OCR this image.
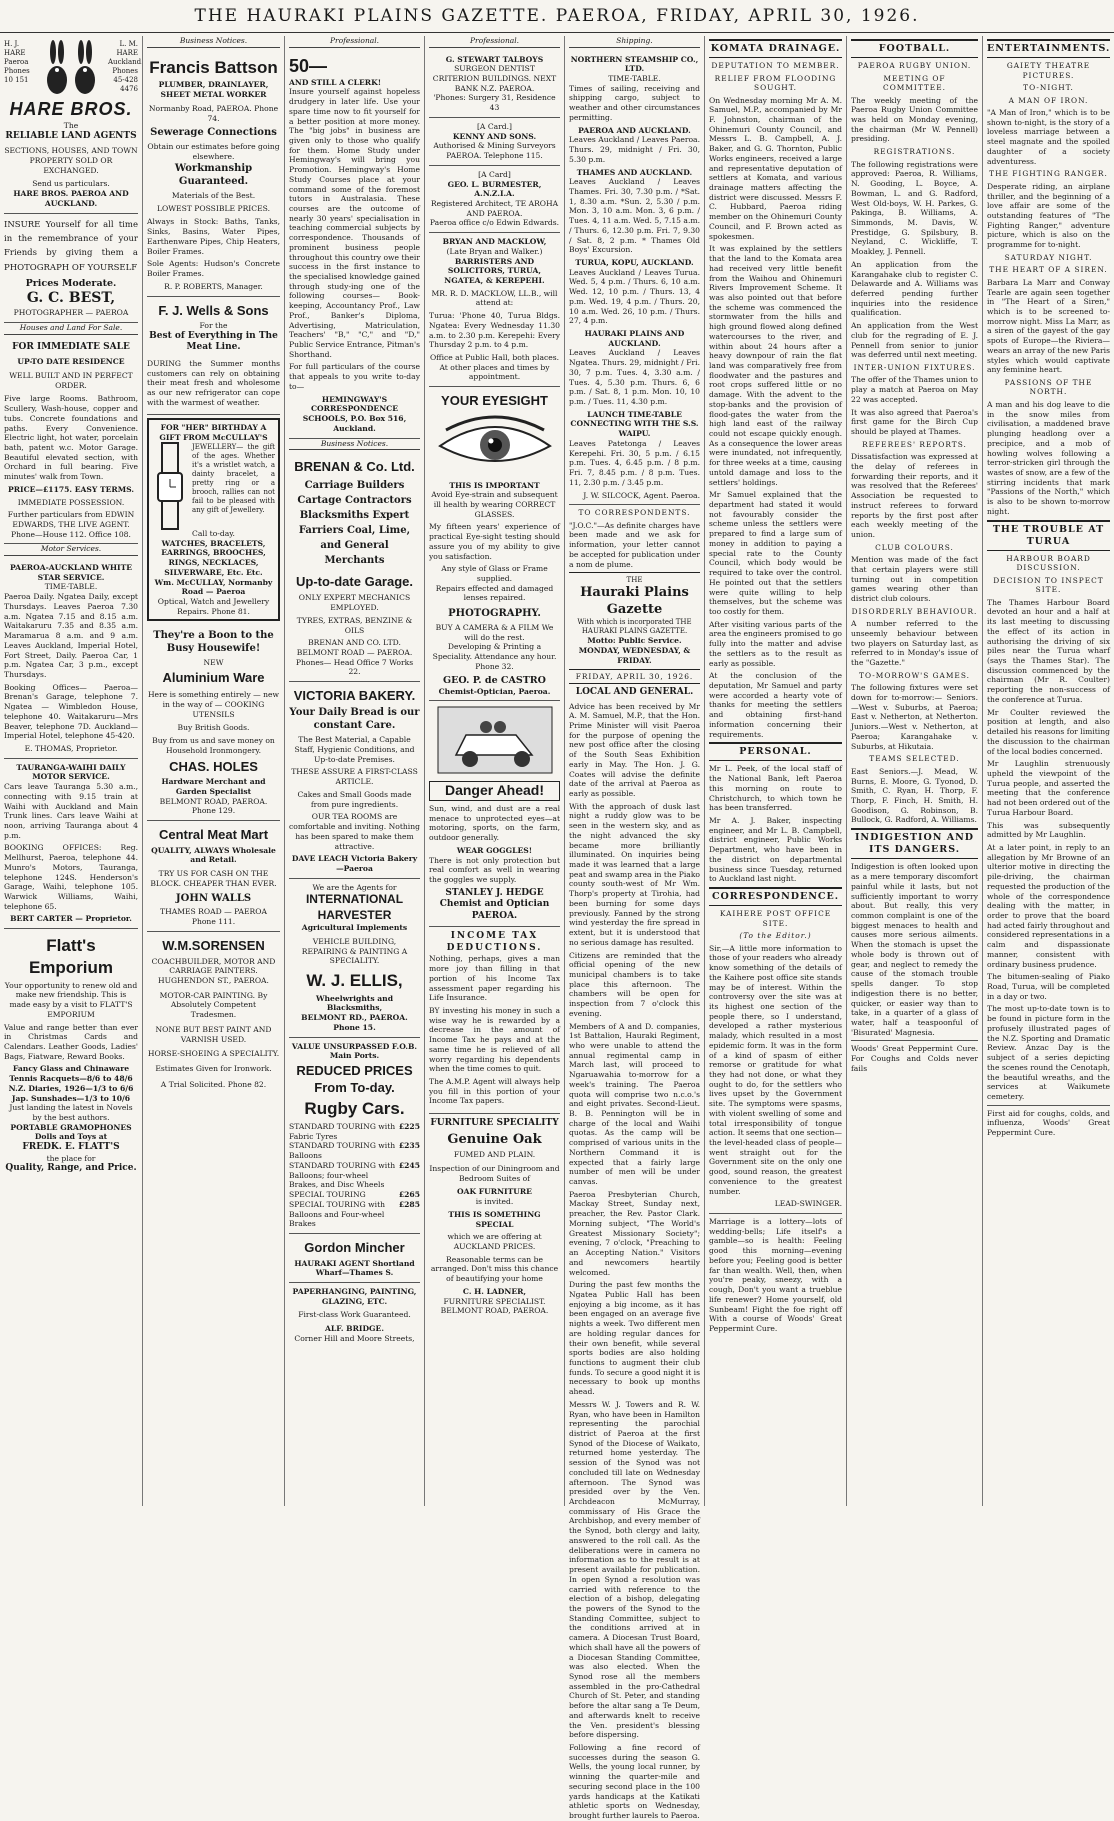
THE HAURAKI PLAINS GAZETTE. PAEROA, FRIDAY, APRIL 30, 1926.
H. J. HARE Paeroa Phones 10 151
L. M. HARE Auckland. Phones 45-428 4476
HARE BROS.
The
RELIABLE LAND AGENTS
SECTIONS, HOUSES, AND TOWN PROPERTY SOLD OR EXCHANGED.
Send us particulars.
HARE BROS. PAEROA AND AUCKLAND.

INSURE Yourself for all time in the remembrance of your Friends by giving them a PHOTOGRAPH OF YOURSELF

Prices Moderate.
G. C. BEST,
PHOTOGRAPHER — PAEROA
Houses and Land For Sale.
FOR IMMEDIATE SALE
UP-TO DATE RESIDENCE
WELL BUILT AND IN PERFECT ORDER.

Five large Rooms. Bathroom, Scullery, Wash-house, copper and tubs. Concrete foundations and paths. Every Convenience. Electric light, hot water, porcelain bath, patent w.c. Motor Garage. Beautiful elevated section, with Orchard in full bearing. Five minutes' walk from Town.

PRICE—£1175. EASY TERMS.
IMMEDIATE POSSESSION.
Further particulars from EDWIN EDWARDS, THE LIVE AGENT.
Phone—House 112. Office 108.
Motor Services.
PAEROA-AUCKLAND WHITE STAR SERVICE.
TIME-TABLE.

Paeroa Daily. Ngatea Daily, except Thursdays. Leaves Paeroa 7.30 a.m. Ngatea 7.15 and 8.15 a.m. Waitakaruru 7.35 and 8.35 a.m. Maramarua 8 a.m. and 9 a.m. Leaves Auckland, Imperial Hotel, Fort Street, Daily. Paeroa Car, 1 p.m. Ngatea Car, 3 p.m., except Thursdays.

Booking Offices— Paeroa—Brenan's Garage, telephone 7. Ngatea — Wimbledon House, telephone 40. Waitakaruru—Mrs Beaver, telephone 7D. Auckland—Imperial Hotel, telephone 45-420.

E. THOMAS, Proprietor.
TAURANGA-WAIHI DAILY MOTOR SERVICE.

Cars leave Tauranga 5.30 a.m., connecting with 9.15 train at Waihi with Auckland and Main Trunk lines. Cars leave Waihi at noon, arriving Tauranga about 4 p.m.

BOOKING OFFICES: Reg. Mellhurst, Paeroa, telephone 44. Munro's Motors, Tauranga, telephone 124S. Henderson's Garage, Waihi, telephone 105. Warwick Williams, Waihi, telephone 65.

BERT CARTER — Proprietor.
Flatt's Emporium

Your opportunity to renew old and make new friendship. This is made easy by a visit to FLATT'S EMPORIUM

Value and range better than ever in Christmas Cards and Calendars. Leather Goods, Ladies' Bags, Fiatware, Reward Books.

Fancy Glass and Chinaware
Tennis Racquets—8/6 to 48/6
N.Z. Diaries, 1926—1/3 to 6/6
Jap. Sunshades—1/3 to 10/6
Just landing the latest in Novels by the best authors.
PORTABLE GRAMOPHONES
Dolls and Toys at
FREDK. E. FLATT'S
the place for
Quality, Range, and Price.
Business Notices.
Francis Battson
PLUMBER, DRAINLAYER, SHEET METAL WORKER
Normanby Road, PAEROA. Phone 74.
Sewerage Connections
Obtain our estimates before going elsewhere.
Workmanship Guaranteed.
Materials of the Best.
LOWEST POSSIBLE PRICES.

Always in Stock: Baths, Tanks, Sinks, Basins, Water Pipes, Earthenware Pipes, Chip Heaters, Boiler Frames.

Sole Agents: Hudson's Concrete Boiler Frames.

R. P. ROBERTS, Manager.
F. J. Wells & Sons
For the
Best of Everything in The Meat Line.

DURING the Summer months customers can rely on obtaining their meat fresh and wholesome as our new refrigerator can cope with the warmest of weather.

FOR "HER" BIRTHDAY A GIFT FROM McCULLAY'S

JEWELLERY— the gift of the ages. Whether it's a wristlet watch, a dainty bracelet, a pretty ring or a brooch, rallies can not fail to be pleased with any gift of Jewellery.

Call to-day.
WATCHES, BRACELETS, EARRINGS, BROOCHES, RINGS, NECKLACES, SILVERWARE, Etc. Etc.
Wm. McCULLAY, Normanby Road — Paeroa
Optical, Watch and Jewellery Repairs. Phone 81.
They're a Boon to the Busy Housewife!
NEW
Aluminium Ware
Here is something entirely — new in the way of — COOKING UTENSILS
Buy British Goods.
Buy from us and save money on Household Ironmongery.
CHAS. HOLES
Hardware Merchant and Garden Specialist
BELMONT ROAD, PAEROA. Phone 129.
Central Meat Mart
QUALITY, ALWAYS Wholesale and Retail.
TRY US FOR CASH ON THE BLOCK. CHEAPER THAN EVER.
JOHN WALLS
THAMES ROAD — PAEROA Phone 111.
W.M.SORENSEN
COACHBUILDER, MOTOR AND CARRIAGE PAINTERS.
HUGHENDON ST., PAEROA.
MOTOR-CAR PAINTING. By Absolutely Competent Tradesmen.
NONE BUT BEST PAINT AND VARNISH USED.
HORSE-SHOEING A SPECIALITY.
Estimates Given for Ironwork.
A Trial Solicited. Phone 82.
Professional.
50—
AND STILL A CLERK!

Insure yourself against hopeless drudgery in later life. Use your spare time now to fit yourself for a better position at more money. The "big jobs" in business are given only to those who qualify for them. Home Study under Hemingway's will bring you Promotion. Hemingway's Home Study Courses place at your command some of the foremost tutors in Australasia. These courses are the outcome of nearly 30 years' specialisation in teaching commercial subjects by correspondence. Thousands of prominent business people throughout this country owe their success in the first instance to the specialised knowledge gained through study-ing one of the following courses— Book-keeping, Accountancy Prof., Law Prof., Banker's Diploma, Advertising, Matriculation, Teachers' "B," "C," and "D," Public Service Entrance, Pitman's Shorthand.

For full particulars of the course that appeals to you write to-day to—

HEMINGWAY'S CORRESPONDENCE SCHOOLS, P.O. Box 516, Auckland.
Business Notices.
BRENAN & Co. Ltd.
Carriage Builders Cartage Contractors Blacksmiths Expert Farriers Coal, Lime, and General Merchants
Up-to-date Garage.
ONLY EXPERT MECHANICS EMPLOYED.
TYRES, EXTRAS, BENZINE & OILS
BRENAN AND CO. LTD. BELMONT ROAD — PAEROA.
Phones— Head Office 7 Works 22.
VICTORIA BAKERY.
Your Daily Bread is our constant Care.
The Best Material, a Capable Staff, Hygienic Conditions, and Up-to-date Premises.
THESE ASSURE A FIRST-CLASS ARTICLE.
Cakes and Small Goods made from pure ingredients.
OUR TEA ROOMS are comfortable and inviting. Nothing has been spared to make them attractive.
DAVE LEACH Victoria Bakery—Paeroa
We are the Agents for
INTERNATIONAL HARVESTER
Agricultural Implements
VEHICLE BUILDING, REPAIRING & PAINTING A SPECIALITY.
W. J. ELLIS,
Wheelwrights and Blacksmiths,
BELMONT RD., PAEROA. Phone 15.
VALUE UNSURPASSED F.O.B. Main Ports.
REDUCED PRICES From To-day.
Rugby Cars.
STANDARD TOURING with Fabric Tyres
£225
STANDARD TOURING with Balloons
£235
STANDARD TOURING with Balloons; four-wheel Brakes, and Disc Wheels
£245
SPECIAL TOURING	£265
SPECIAL TOURING with Balloons and Four-wheel Brakes
£285
Gordon Mincher
HAURAKI AGENT Shortland Wharf—Thames S.
PAPERHANGING, PAINTING, GLAZING, ETC.
First-class Work Guaranteed.
ALF. BRIDGE.
Corner Hill and Moore Streets,
Professional.
G. STEWART TALBOYS
SURGEON DENTIST
CRITERION BUILDINGS. NEXT BANK N.Z. PAEROA.
'Phones: Surgery 31, Residence 43
[A Card.]
KENNY AND SONS.
Authorised & Mining Surveyors PAEROA. Telephone 115.
[A Card]
GEO. L. BURMESTER, A.N.Z.I.A.
Registered Architect, TE AROHA AND PAEROA.
Paeroa office c/o Edwin Edwards.
BRYAN AND MACKLOW,
(Late Bryan and Walker.)
BARRISTERS AND SOLICITORS, TURUA, NGATEA, & KEREPEHI.
MR. R. D. MACKLOW, LL.B., will attend at:

Turua: 'Phone 40, Turua Bldgs. Ngatea: Every Wednesday 11.30 a.m. to 2.30 p.m. Kerepehi: Every Thursday 2 p.m. to 4 p.m.

Office at Public Hall, both places. At other places and times by appointment.
YOUR EYESIGHT
THIS IS IMPORTANT
Avoid Eye-strain and subsequent ill health by wearing CORRECT GLASSES.

My fifteen years' experience of practical Eye-sight testing should assure you of my ability to give you satisfaction.

Any style of Glass or Frame supplied.
Repairs effected and damaged lenses repaired.
PHOTOGRAPHY.
BUY A CAMERA & A FILM We will do the rest.
Developing & Printing a Speciality. Attendance any hour. Phone 32.
GEO. P. de CASTRO
Chemist-Optician, Paeroa.
Danger Ahead!

Sun, wind, and dust are a real menace to unprotected eyes—at motoring, sports, on the farm, outdoor generally.

WEAR GOGGLES!

There is not only protection but real comfort as well in wearing the goggles we supply.

STANLEY J. HEDGE Chemist and Optician PAEROA.
INCOME TAX DEDUCTIONS.

Nothing, perhaps, gives a man more joy than filling in that portion of his Income Tax assessment paper regarding his Life Insurance.

BY investing his money in such a wise way he is rewarded by a decrease in the amount of Income Tax he pays and at the same time he is relieved of all worry regarding his dependents when the time comes to quit.

The A.M.P. Agent will always help you fill in this portion of your Income Tax papers.

FURNITURE SPECIALITY
Genuine Oak
FUMED AND PLAIN.
Inspection of our Diningroom and Bedroom Suites of
OAK FURNITURE
is invited.
THIS IS SOMETHING SPECIAL
which we are offering at AUCKLAND PRICES.
Reasonable terms can be arranged. Don't miss this chance of beautifying your home
C. H. LADNER,
FURNITURE SPECIALIST. BELMONT ROAD, PAEROA.
Shipping.
NORTHERN STEAMSHIP CO., LTD.
TIME-TABLE.

Times of sailing, receiving and shipping cargo, subject to weather and other circumstances permitting.

PAEROA AND AUCKLAND.

Leaves Auckland / Leaves Paeroa. Thurs. 29, midnight / Fri. 30, 5.30 p.m.

THAMES AND AUCKLAND.

Leaves Auckland / Leaves Thames. Fri. 30, 7.30 p.m. / *Sat. 1, 8.30 a.m. *Sun. 2, 5.30 / p.m. Mon. 3, 10 a.m. Mon. 3, 6 p.m. / Tues. 4, 11 a.m. Wed. 5, 7.15 a.m. / Thurs. 6, 12.30 p.m. Fri. 7, 9.30 / Sat. 8, 2 p.m. * Thames Old Boys' Excursion.

TURUA, KOPU, AUCKLAND.

Leaves Auckland / Leaves Turua. Wed. 5, 4 p.m. / Thurs. 6, 10 a.m. Wed. 12, 10 p.m. / Thurs. 13, 4 p.m. Wed. 19, 4 p.m. / Thurs. 20, 10 a.m. Wed. 26, 10 p.m. / Thurs. 27, 4 p.m.

HAURAKI PLAINS AND AUCKLAND.

Leaves Auckland / Leaves Ngatea. Thurs. 29, midnight / Fri. 30, 7 p.m. Tues. 4, 3.30 a.m. / Tues. 4, 5.30 p.m. Thurs. 6, 6 p.m. / Sat. 8, 1 p.m. Mon. 10, 10 p.m. / Tues. 11, 4.30 p.m.

LAUNCH TIME-TABLE CONNECTING WITH THE S.S. WAIPU.

Leaves Patetonga / Leaves Kerepehi. Fri. 30, 5 p.m. / 6.15 p.m. Tues. 4, 6.45 p.m. / 8 p.m. Fri. 7, 8.45 p.m. / 8 p.m. Tues. 11, 2.30 p.m. / 3.45 p.m.

J. W. SILCOCK, Agent. Paeroa.
TO CORRESPONDENTS.

"J.O.C."—As definite charges have been made and we ask for information, your letter cannot be accepted for publication under a nom de plume.

THE
Hauraki Plains Gazette
With which is incorporated THE HAURAKI PLAINS GAZETTE.
Motto: Public Service.
MONDAY, WEDNESDAY, & FRIDAY.
FRIDAY, APRIL 30, 1926.
LOCAL AND GENERAL.

Advice has been received by Mr A. M. Samuel, M.P., that the Hon. Prime Minister will visit Paeroa for the purpose of opening the new post office after the closing of the South Seas Exhibition early in May. The Hon. J. G. Coates will advise the definite date of the arrival at Paeroa as early as possible.

With the approach of dusk last night a ruddy glow was to be seen in the western sky, and as the night advanced the sky became more brilliantly illuminated. On inquiries being made it was learned that a large peat and swamp area in the Piako county south-west of Mr Wm. Thorp's property at Tirohia, had been burning for some days previously. Fanned by the strong wind yesterday the fire spread in extent, but it is understood that no serious damage has resulted.

Citizens are reminded that the official opening of the new municipal chambers is to take place this afternoon. The chambers will be open for inspection from 7 o'clock this evening.

Members of A and D. companies, 1st Battalion, Hauraki Regiment, who were unable to attend the annual regimental camp in March last, will proceed to Ngaruawahia to-morrow for a week's training. The Paeroa quota will comprise two n.c.o.'s and eight privates. Second-Lieut. B. B. Pennington will be in charge of the local and Waihi quotas. As the camp will be comprised of various units in the Northern Command it is expected that a fairly large number of men will be under canvas.

Paeroa Presbyterian Church, Mackay Street, Sunday next, preacher, the Rev. Pastor Clark. Morning subject, "The World's Greatest Missionary Society"; evening, 7 o'clock, "Preaching to an Accepting Nation." Visitors and newcomers heartily welcomed.

During the past few months the Ngatea Public Hall has been enjoying a big income, as it has been engaged on an average five nights a week. Two different men are holding regular dances for their own benefit, while several sports bodies are also holding functions to augment their club funds. To secure a good night it is necessary to book up months ahead.

Messrs W. J. Towers and R. W. Ryan, who have been in Hamilton representing the parochial district of Paeroa at the first Synod of the Diocese of Waikato, returned home yesterday. The session of the Synod was not concluded till late on Wednesday afternoon. The Synod was presided over by the Ven. Archdeacon McMurray, commissary of His Grace the Archbishop, and every member of the Synod, both clergy and laity, answered to the roll call. As the deliberations were in camera no information as to the result is at present available for publication. In open Synod a resolution was carried with reference to the election of a bishop, delegating the powers of the Synod to the Standing Committee, subject to the conditions arrived at in camera. A Diocesan Trust Board, which shall have all the powers of a Diocesan Standing Committee, was also elected. When the Synod rose all the members assembled in the pro-Cathedral Church of St. Peter, and standing before the altar sang a Te Deum, and afterwards knelt to receive the Ven. president's blessing before dispersing.

Following a fine record of successes during the season G. Wells, the young local runner, by winning the quarter-mile and securing second place in the 100 yards handicaps at the Katikati athletic sports on Wednesday, brought further laurels to Paeroa.

KOMATA DRAINAGE.
DEPUTATION TO MEMBER.
RELIEF FROM FLOODING SOUGHT.

On Wednesday morning Mr A. M. Samuel, M.P., accompanied by Mr F. Johnston, chairman of the Ohinemuri County Council, and Messrs L. B. Campbell, A. J. Baker, and G. G. Thornton, Public Works engineers, received a large and representative deputation of settlers at Komata, and various drainage matters affecting the district were discussed. Messrs F. C. Hubbard, Paeroa riding member on the Ohinemuri County Council, and F. Brown acted as spokesmen.

It was explained by the settlers that the land to the Komata area had received very little benefit from the Waihou and Ohinemuri Rivers Improvement Scheme. It was also pointed out that before the scheme was commenced the stormwater from the hills and high ground flowed along defined watercourses to the river, and within about 24 hours after a heavy downpour of rain the flat land was comparatively free from floodwater and the pastures and root crops suffered little or no damage. With the advent to the stop-banks and the provision of flood-gates the water from the high land east of the railway could not escape quickly enough. As a consequence the lower areas were inundated, not infrequently, for three weeks at a time, causing untold damage and loss to the settlers' holdings.

Mr Samuel explained that the department had stated it would not favourably consider the scheme unless the settlers were prepared to find a large sum of money in addition to paying a special rate to the County Council, which body would be required to take over the control. He pointed out that the settlers were quite willing to help themselves, but the scheme was too costly for them.

After visiting various parts of the area the engineers promised to go fully into the matter and advise the settlers as to the result as early as possible.

At the conclusion of the deputation, Mr Samuel and party were accorded a hearty vote of thanks for meeting the settlers and obtaining first-hand information concerning their requirements.

PERSONAL.

Mr L. Peek, of the local staff of the National Bank, left Paeroa this morning on route to Christchurch, to which town he has been transferred.

Mr A. J. Baker, inspecting engineer, and Mr L. B. Campbell, district engineer, Public Works Department, who have been in the district on departmental business since Tuesday, returned to Auckland last night.

CORRESPONDENCE.
KAIHERE POST OFFICE SITE.
(To the Editor.)

Sir,—A little more information to those of your readers who already know something of the details of the Kaihere post office site stands may be of interest. Within the controversy over the site was at its highest one section of the people there, so I understand, developed a rather mysterious malady, which resulted in a most epidemic form. It was in the form of a kind of spasm of either remorse or gratitude for what they had not done, or what they ought to do, for the settlers who lives upset by the Government site. The symptoms were spasms, with violent swelling of some and total irresponsibility of tongue action. It seems that one section—the level-headed class of people—went straight out for the Government site on the only one good, sound reason, the greatest convenience to the greatest number.

LEAD-SWINGER.

Marriage is a lottery—lots of wedding-bells; Life itself's a gamble—so is health: Feeling good this morning—evening before you; Feeling good is better far than wealth. Well, then, when you're peaky, sneezy, with a cough, Don't you want a trueblue life renewer? Home yourself, old Sunbeam! Fight the foe right off With a course of Woods' Great Peppermint Cure.

FOOTBALL.
PAEROA RUGBY UNION.
MEETING OF COMMITTEE.

The weekly meeting of the Paeroa Rugby Union Committee was held on Monday evening, the chairman (Mr W. Pennell) presiding.

REGISTRATIONS.

The following registrations were approved: Paeroa, R. Williams, N. Gooding, L. Boyce, A. Bowman, L. and G. Radford, West Old-boys, W. H. Parkes, G. Pakinga, B. Williams, A. Simmonds, M. Davis, W. Prestidge, G. Spilsbury, B. Neyland, C. Wickliffe, T. Moakley, J. Pennell.

An application from the Karangahake club to register C. Delawarde and A. Williams was deferred pending further inquiries into the residence qualification.

An application from the West club for the regrading of E. J. Pennell from senior to junior was deferred until next meeting.

INTER-UNION FIXTURES.

The offer of the Thames union to play a match at Paeroa on May 22 was accepted.

It was also agreed that Paeroa's first game for the Birch Cup should be played at Thames.

REFEREES' REPORTS.

Dissatisfaction was expressed at the delay of referees in forwarding their reports, and it was resolved that the Referees' Association be requested to instruct referees to forward reports by the first post after each weekly meeting of the union.

CLUB COLOURS.

Mention was made of the fact that certain players were still turning out in competition games wearing other than district club colours.

DISORDERLY BEHAVIOUR.

A number referred to the unseemly behaviour between two players on Saturday last, as referred to in Monday's issue of the "Gazette."

TO-MORROW'S GAMES.

The following fixtures were set down for to-morrow:— Seniors.—West v. Suburbs, at Paeroa; East v. Netherton, at Netherton. Juniors.—West v. Netherton, at Paeroa; Karangahake v. Suburbs, at Hikutaia.

TEAMS SELECTED.

East Seniors.—J. Mead, W. Burns, E. Moore, G. Tyonod, D. Smith, C. Ryan, H. Thorp, F. Thorp, F. Finch, H. Smith, H. Goodison, G. Robinson, B. Bullock, G. Radford, A. Williams.

INDIGESTION AND ITS DANGERS.

Indigestion is often looked upon as a mere temporary discomfort painful while it lasts, but not sufficiently important to worry about. But really, this very common complaint is one of the biggest menaces to health and causes more serious ailments. When the stomach is upset the whole body is thrown out of gear, and neglect to remedy the cause of the stomach trouble spells danger. To stop indigestion there is no better, quicker, or easier way than to take, in a quarter of a glass of water, half a teaspoonful of 'Bisurated' Magnesia.

Woods' Great Peppermint Cure. For Coughs and Colds never fails

ENTERTAINMENTS.
GAIETY THEATRE PICTURES.
TO-NIGHT.
A MAN OF IRON.

"A Man of Iron," which is to be shown to-night, is the story of a loveless marriage between a steel magnate and the spoiled daughter of a society adventuress.

THE FIGHTING RANGER.

Desperate riding, an airplane thriller, and the beginning of a love affair are some of the outstanding features of "The Fighting Ranger," adventure picture, which is also on the programme for to-night.

SATURDAY NIGHT.
THE HEART OF A SIREN.

Barbara La Marr and Conway Tearle are again seen together in "The Heart of a Siren," which is to be screened to-morrow night. Miss La Marr, as a siren of the gayest of the gay spots of Europe—the Riviera—wears an array of the new Paris styles which would captivate any feminine heart.

PASSIONS OF THE NORTH.

A man and his dog leave to die in the snow miles from civilisation, a maddened brave plunging headlong over a precipice, and a mob of howling wolves following a terror-stricken girl through the wastes of snow, are a few of the stirring incidents that mark "Passions of the North," which is also to be shown to-morrow night.

THE TROUBLE AT TURUA
HARBOUR BOARD DISCUSSION.
DECISION TO INSPECT SITE.

The Thames Harbour Board devoted an hour and a half at its last meeting to discussing the effect of its action in authorising the driving of six piles near the Turua wharf (says the Thames Star). The discussion commenced by the chairman (Mr R. Coulter) reporting the non-success of the conference at Turua.

Mr Coulter reviewed the position at length, and also detailed his reasons for limiting the discussion to the chairman of the local bodies concerned.

Mr Laughlin strenuously upheld the viewpoint of the Turua people, and asserted the meeting that the conference had not been ordered out of the Turua Harbour Board.

This was subsequently admitted by Mr Laughlin.

At a later point, in reply to an allegation by Mr Browne of an ulterior motive in directing the pile-driving, the chairman requested the production of the whole of the correspondence dealing with the matter, in order to prove that the board had acted fairly throughout and considered representations in a calm and dispassionate manner, consistent with ordinary business prudence.

The bitumen-sealing of Piako Road, Turua, will be completed in a day or two.

The most up-to-date town is to be found in picture form in the profusely illustrated pages of the N.Z. Sporting and Dramatic Review. Anzac Day is the subject of a series depicting the scenes round the Cenotaph, the beautiful wreaths, and the services at Waikumete cemetery.

First aid for coughs, colds, and influenza, Woods' Great Peppermint Cure.
